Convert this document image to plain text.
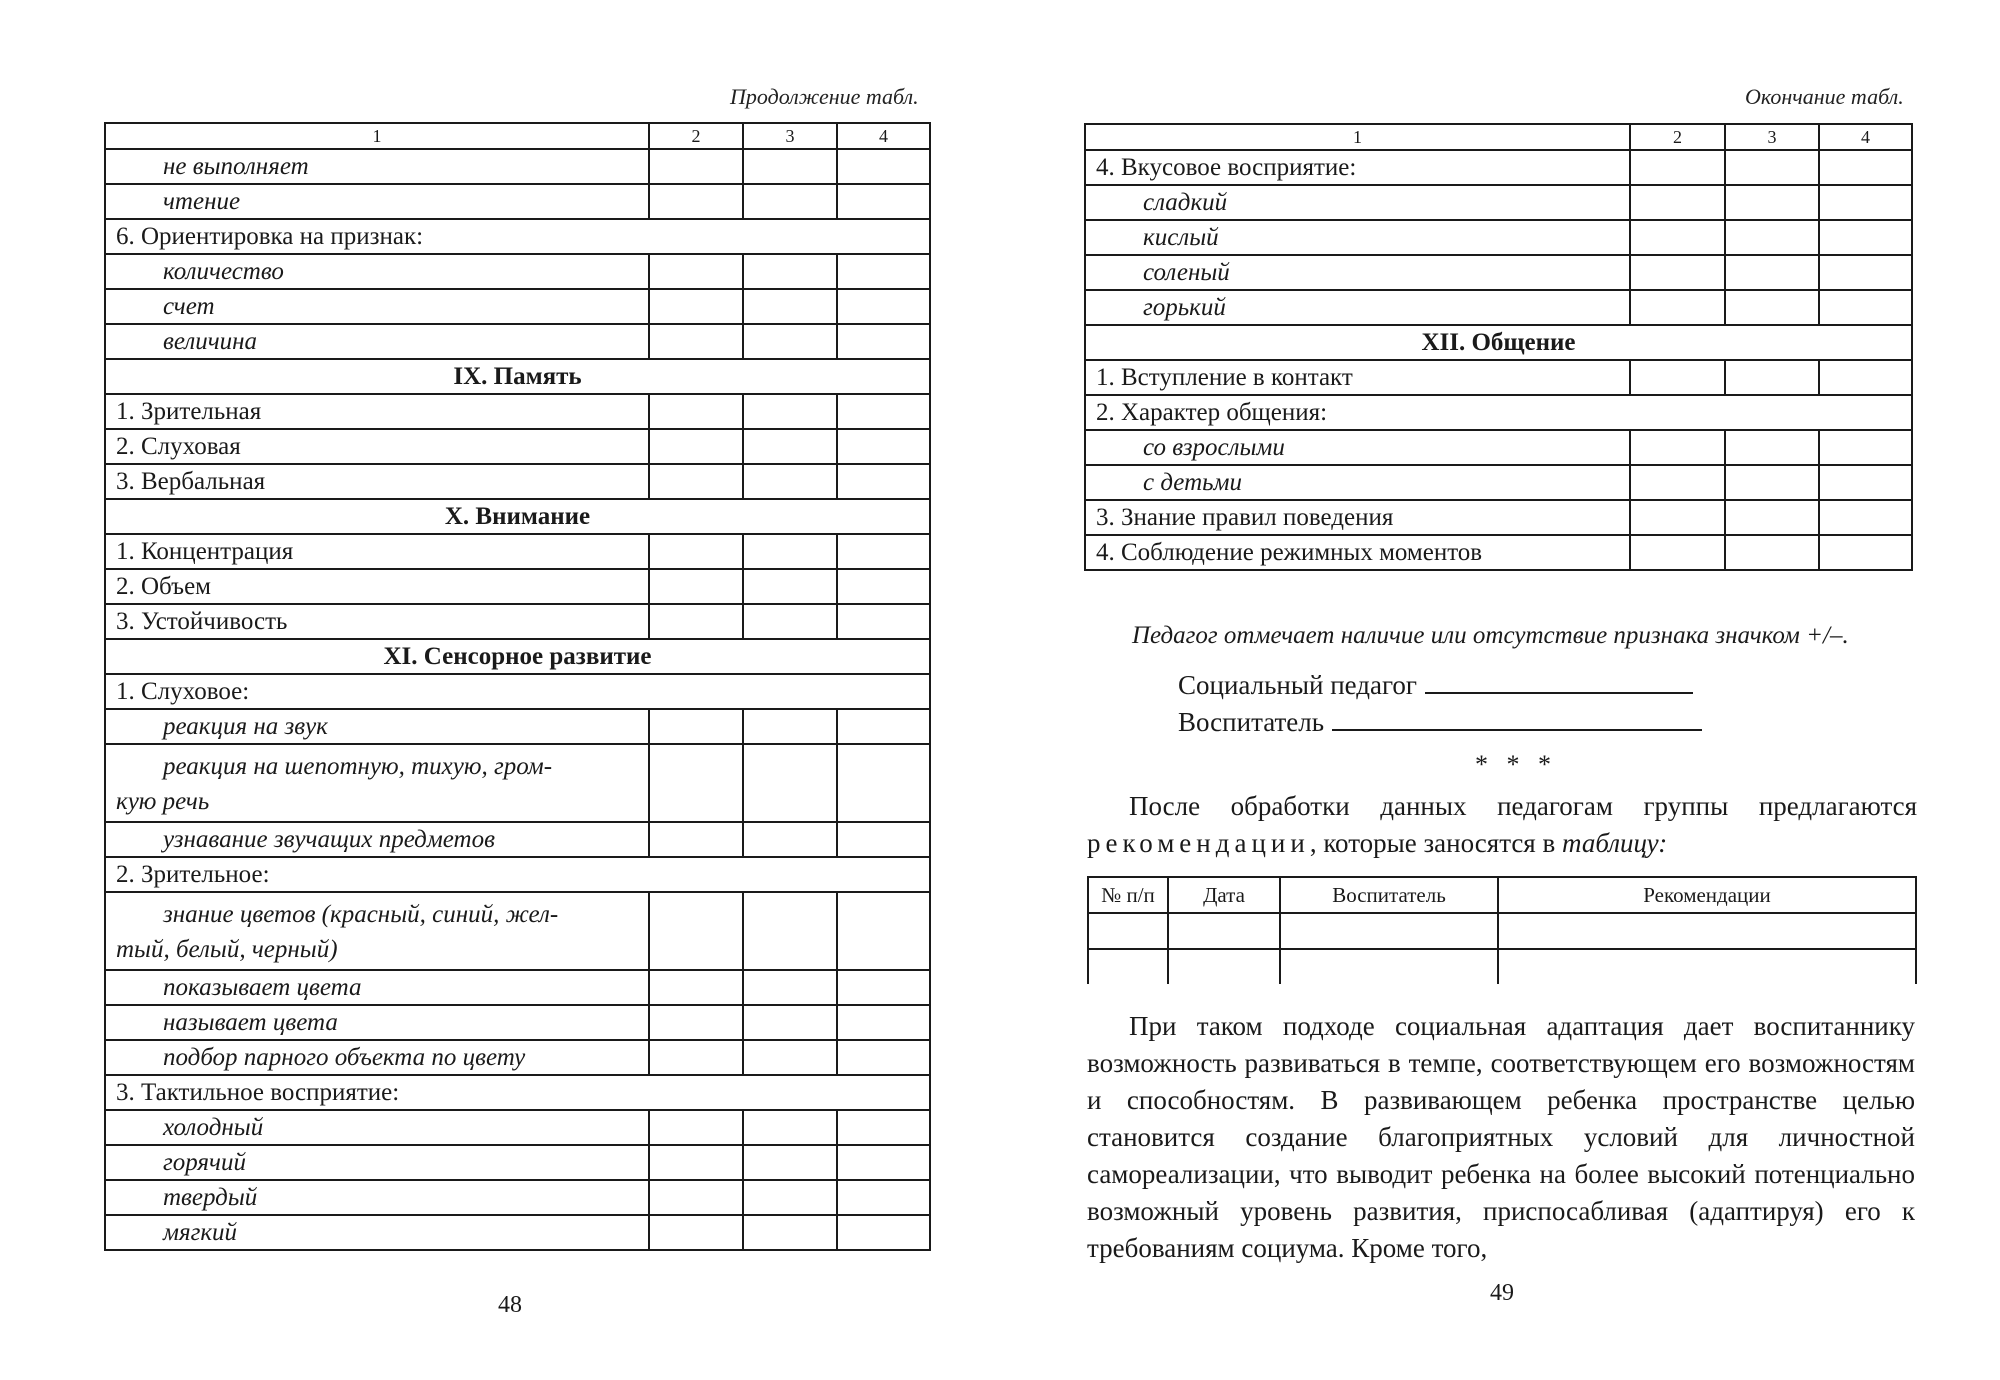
Продолжение табл.
1	2	3	4
не выполняет			
чтение			
6. Ориентировка на признак:			
количество			
счет			
величина			
IX. Память			
1. Зрительная			
2. Слуховая			
3. Вербальная			
X. Внимание			
1. Концентрация			
2. Объем			
3. Устойчивость			
XI. Сенсорное развитие			
1. Слуховое:			
реакция на звук			

реакция на шепотную, тихую, гром-
кую речь			

узнавание звучащих предметов			
2. Зрительное:			

знание цветов (красный, синий, жел-
тый, белый, черный)			

показывает цвета			
называет цвета			
подбор парного объекта по цвету			
3. Тактильное восприятие:			
холодный			
горячий			
твердый			
мягкий			
48
Окончание табл.
1	2	3	4
4. Вкусовое восприятие:			
сладкий			
кислый			
соленый			
горький			
XII. Общение			
1. Вступление в контакт			
2. Характер общения:			
со взрослыми			
с детьми			
3. Знание правил поведения			
4. Соблюдение режимных моментов			
Педагог отмечает наличие или отсутствие признака значком +/–.
Социальный педагог
Воспитатель
* * *
После обработки данных педагогам группы предлагаются
рекомендации, которые заносятся в таблицу:
№ п/п	Дата	Воспитатель	Рекомендации

При таком подходе социальная адаптация дает воспитаннику возможность развиваться в темпе, соответствующем его возможностям и способностям. В развивающем ребенка пространстве целью становится создание благоприятных условий для личностной самореализации, что выводит ребенка на более высокий потенциально возможный уровень развития, приспосабливая (адаптируя) его к требованиям социума. Кроме того,
49
